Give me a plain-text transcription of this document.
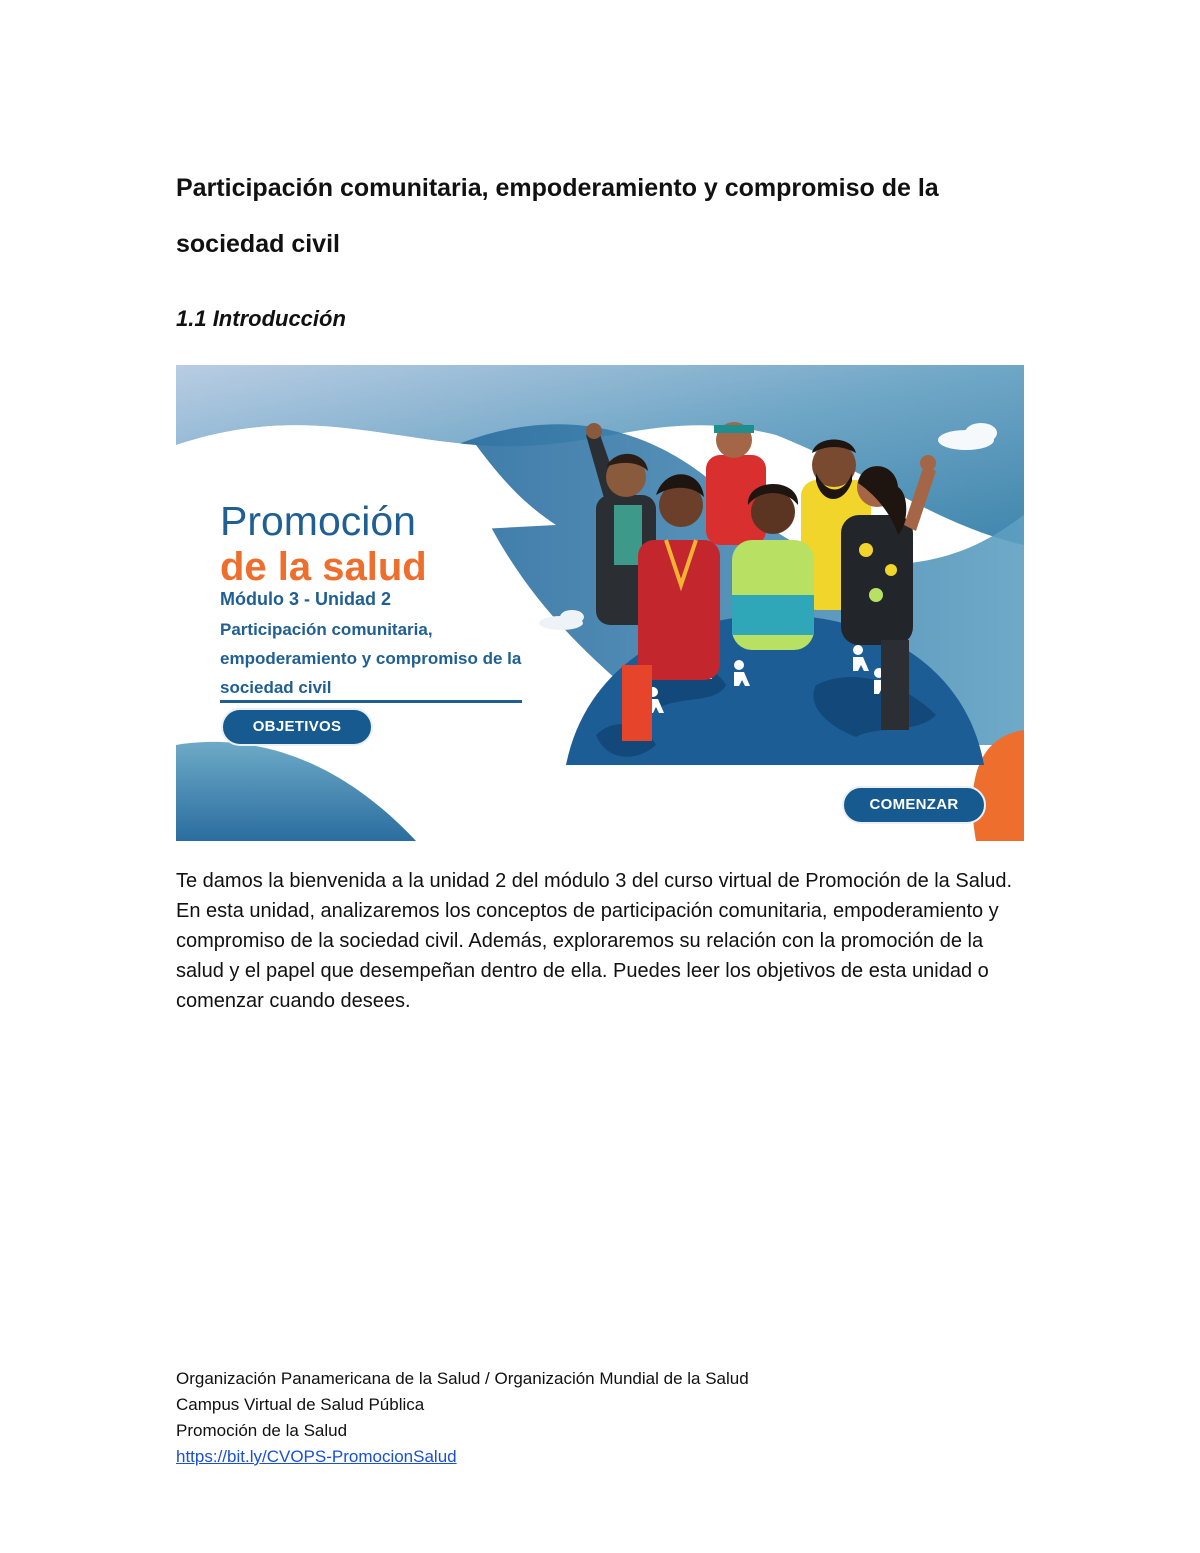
Participación comunitaria, empoderamiento y compromiso de la sociedad civil
1.1 Introducción
Promoción
de la salud

Módulo 3 - Unidad 2

Participación comunitaria, empoderamiento y compromiso de la sociedad civil

OBJETIVOS
COMENZAR

Te damos la bienvenida a la unidad 2 del módulo 3 del curso virtual de Promoción de la Salud. En esta unidad, analizaremos los conceptos de participación comunitaria, empoderamiento y compromiso de la sociedad civil. Además, exploraremos su relación con la promoción de la salud y el papel que desempeñan dentro de ella. Puedes leer los objetivos de esta unidad o comenzar cuando desees.

Organización Panamericana de la Salud / Organización Mundial de la Salud
Campus Virtual de Salud Pública
Promoción de la Salud
https://bit.ly/CVOPS-PromocionSalud
